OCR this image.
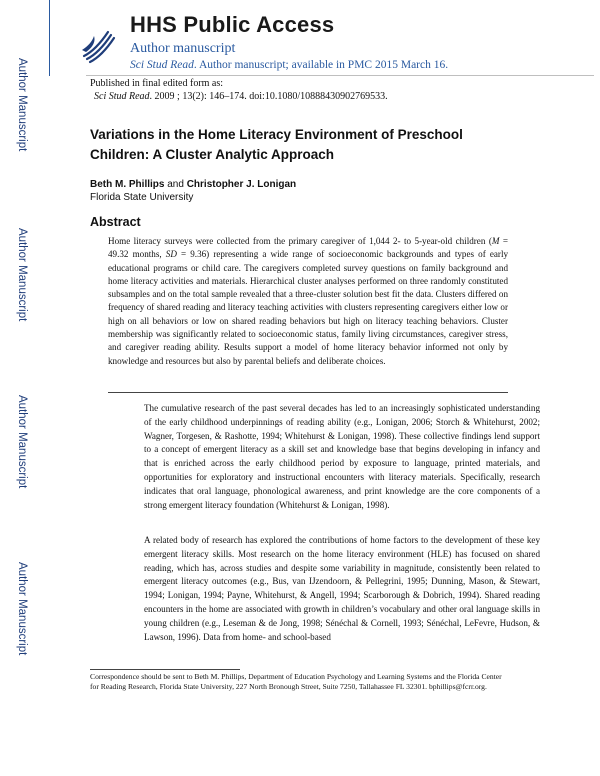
Author Manuscript
Author Manuscript
Author Manuscript
Author Manuscript
HHS Public Access
Author manuscript
Sci Stud Read. Author manuscript; available in PMC 2015 March 16.
Published in final edited form as:
Sci Stud Read. 2009 ; 13(2): 146–174. doi:10.1080/10888430902769533.
Variations in the Home Literacy Environment of Preschool Children: A Cluster Analytic Approach
Beth M. Phillips and Christopher J. Lonigan
Florida State University
Abstract
Home literacy surveys were collected from the primary caregiver of 1,044 2- to 5-year-old children (M = 49.32 months, SD = 9.36) representing a wide range of socioeconomic backgrounds and types of early educational programs or child care. The caregivers completed survey questions on family background and home literacy activities and materials. Hierarchical cluster analyses performed on three randomly constituted subsamples and on the total sample revealed that a three-cluster solution best fit the data. Clusters differed on frequency of shared reading and literacy teaching activities with clusters representing caregivers either low or high on all behaviors or low on shared reading behaviors but high on literacy teaching behaviors. Cluster membership was significantly related to socioeconomic status, family living circumstances, caregiver stress, and caregiver reading ability. Results support a model of home literacy behavior informed not only by knowledge and resources but also by parental beliefs and deliberate choices.
The cumulative research of the past several decades has led to an increasingly sophisticated understanding of the early childhood underpinnings of reading ability (e.g., Lonigan, 2006; Storch & Whitehurst, 2002; Wagner, Torgesen, & Rashotte, 1994; Whitehurst & Lonigan, 1998). These collective findings lend support to a concept of emergent literacy as a skill set and knowledge base that begins developing in infancy and that is enriched across the early childhood period by exposure to language, printed materials, and opportunities for exploratory and instructional encounters with literacy materials. Specifically, research indicates that oral language, phonological awareness, and print knowledge are the core components of a strong emergent literacy foundation (Whitehurst & Lonigan, 1998).
A related body of research has explored the contributions of home factors to the development of these key emergent literacy skills. Most research on the home literacy environment (HLE) has focused on shared reading, which has, across studies and despite some variability in magnitude, consistently been related to emergent literacy outcomes (e.g., Bus, van IJzendoorn, & Pellegrini, 1995; Dunning, Mason, & Stewart, 1994; Lonigan, 1994; Payne, Whitehurst, & Angell, 1994; Scarborough & Dobrich, 1994). Shared reading encounters in the home are associated with growth in children’s vocabulary and other oral language skills in young children (e.g., Leseman & de Jong, 1998; Sénéchal & Cornell, 1993; Sénéchal, LeFevre, Hudson, & Lawson, 1996). Data from home- and school-based
Correspondence should be sent to Beth M. Phillips, Department of Education Psychology and Learning Systems and the Florida Center for Reading Research, Florida State University, 227 North Bronough Street, Suite 7250, Tallahassee FL 32301. bphillips@fcrr.org.
